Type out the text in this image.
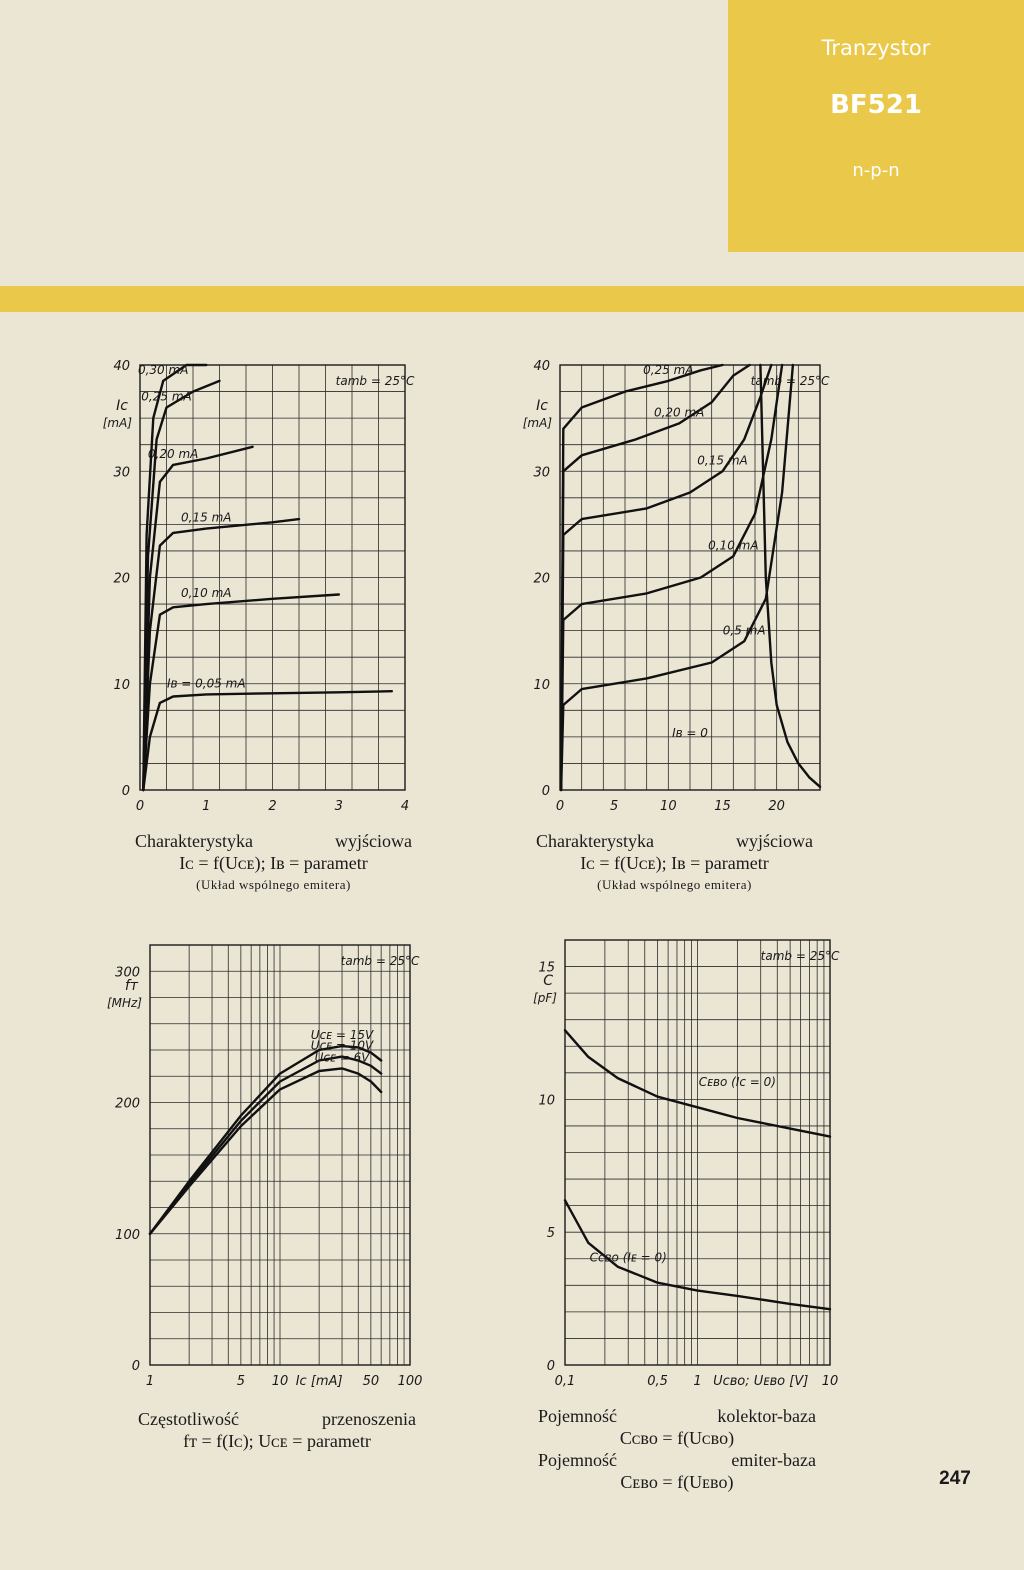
Tranzystor
BF521
n-p-n
0
10
20
30
40
0	1	2	3	4
Iᴄ
[mA]
tamb = 25°C
Iʙ = 0,05 mA
0,10 mA
0,15 mA
0,20 mA
0,25 mA
0,30 mA
0
10
20
30
40
0	5	10	15	20
Iᴄ
[mA]
tamb = 25°C
Iʙ = 0
0,5 mA
0,10 mA
0,15 mA
0,20 mA
0,25 mA
0
100
200
300
1	5 10 Iᴄ [mA] 50 100
fᴛ
[MHz]
tamb = 25°C
Uᴄᴇ = 15V
Uᴄᴇ = 10V
Uᴄᴇ = 6V
0
5
10
15
0,1	0,5 1 Uᴄʙᴏ; Uᴇʙᴏ [V] 10
C
[pF]
tamb = 25°C
Cᴇʙᴏ (Iᴄ = 0)
Cᴄʙᴏ (Iᴇ = 0)
Charakterystyka	wyjściowa
Iᴄ = f(Uᴄᴇ); Iʙ = parametr
(Układ wspólnego emitera)
Charakterystyka	wyjściowa
Iᴄ = f(Uᴄᴇ); Iʙ = parametr
(Układ wspólnego emitera)
Częstotliwość	przenoszenia
fᴛ = f(Iᴄ); Uᴄᴇ = parametr
Pojemność	kolektor-baza
Cᴄʙᴏ = f(Uᴄʙᴏ)
Pojemność	emiter-baza
Cᴇʙᴏ = f(Uᴇʙᴏ)	247
